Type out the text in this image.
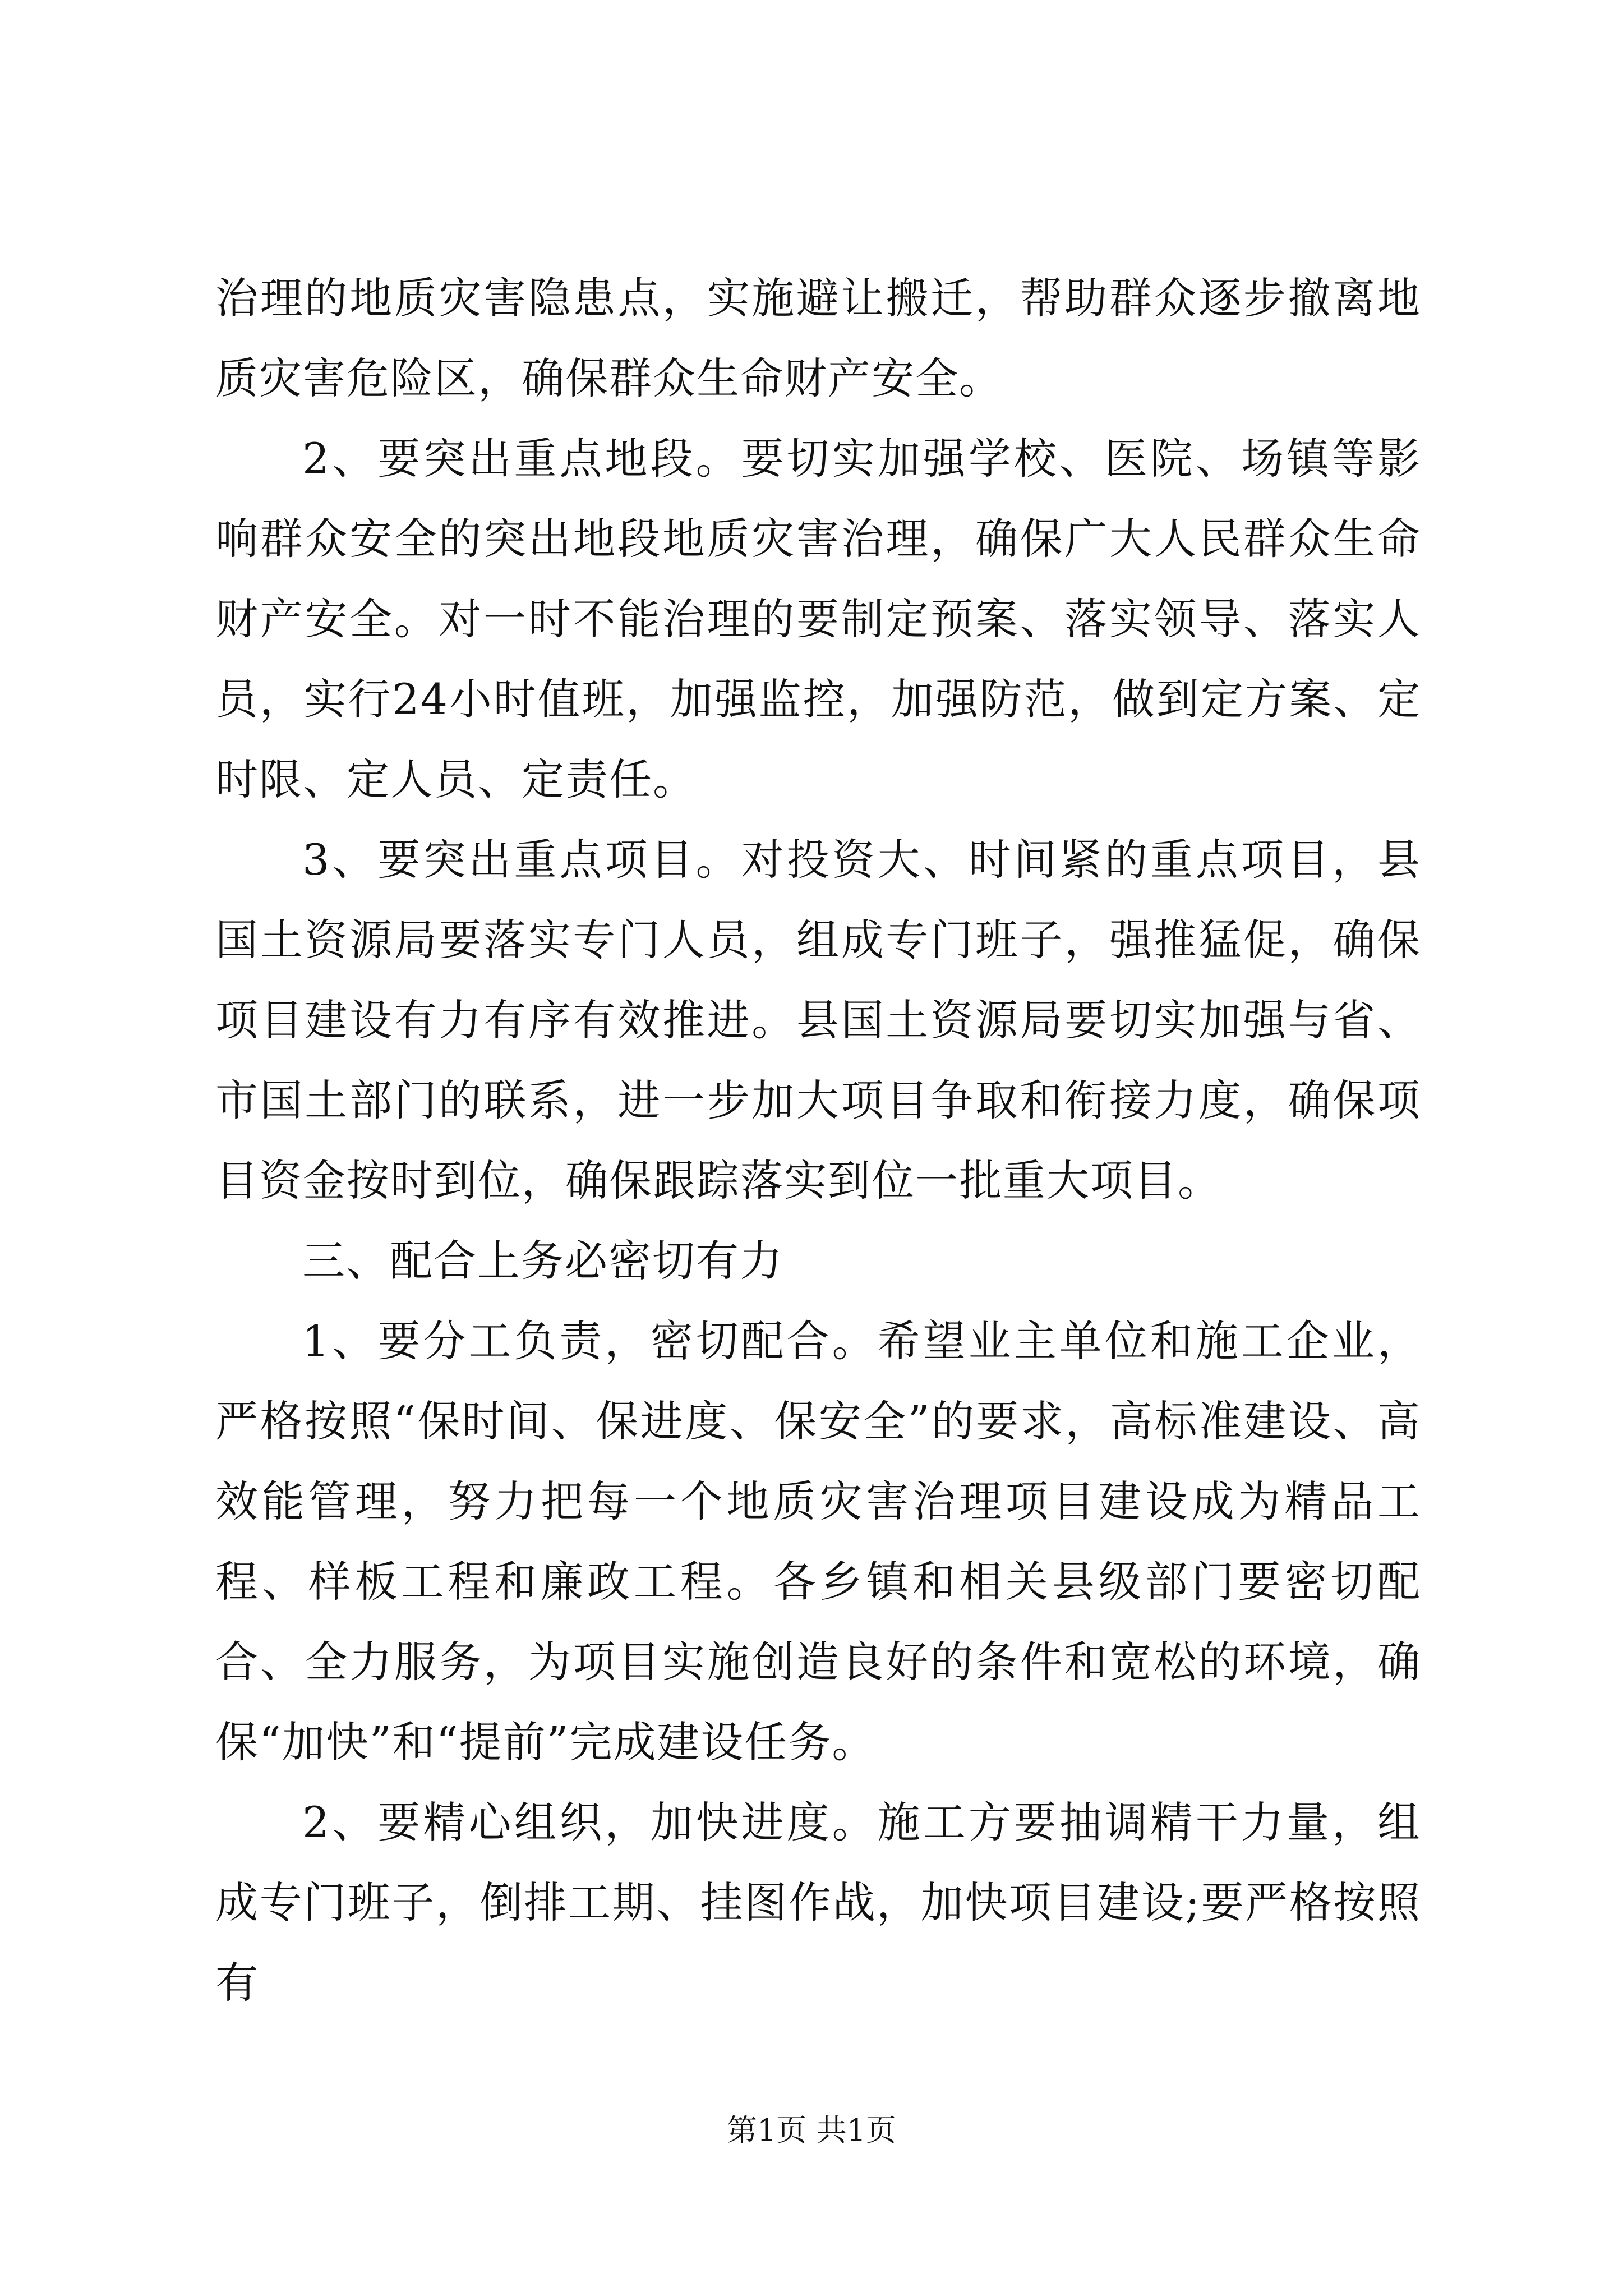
治理的地质灾害隐患点，实施避让搬迁，帮助群众逐步撤离地质灾害危险区，确保群众生命财产安全。

2、要突出重点地段。要切实加强学校、医院、场镇等影响群众安全的突出地段地质灾害治理，确保广大人民群众生命财产安全。对一时不能治理的要制定预案、落实领导、落实人员，实行24小时值班，加强监控，加强防范，做到定方案、定时限、定人员、定责任。

3、要突出重点项目。对投资大、时间紧的重点项目，县国土资源局要落实专门人员，组成专门班子，强推猛促，确保项目建设有力有序有效推进。县国土资源局要切实加强与省、市国土部门的联系，进一步加大项目争取和衔接力度，确保项目资金按时到位，确保跟踪落实到位一批重大项目。

三、配合上务必密切有力

1、要分工负责，密切配合。希望业主单位和施工企业，严格按照“保时间、保进度、保安全”的要求，高标准建设、高效能管理，努力把每一个地质灾害治理项目建设成为精品工程、样板工程和廉政工程。各乡镇和相关县级部门要密切配合、全力服务，为项目实施创造良好的条件和宽松的环境，确保“加快”和“提前”完成建设任务。

2、要精心组织，加快进度。施工方要抽调精干力量，组成专门班子，倒排工期、挂图作战，加快项目建设;要严格按照有

第1页 共1页
